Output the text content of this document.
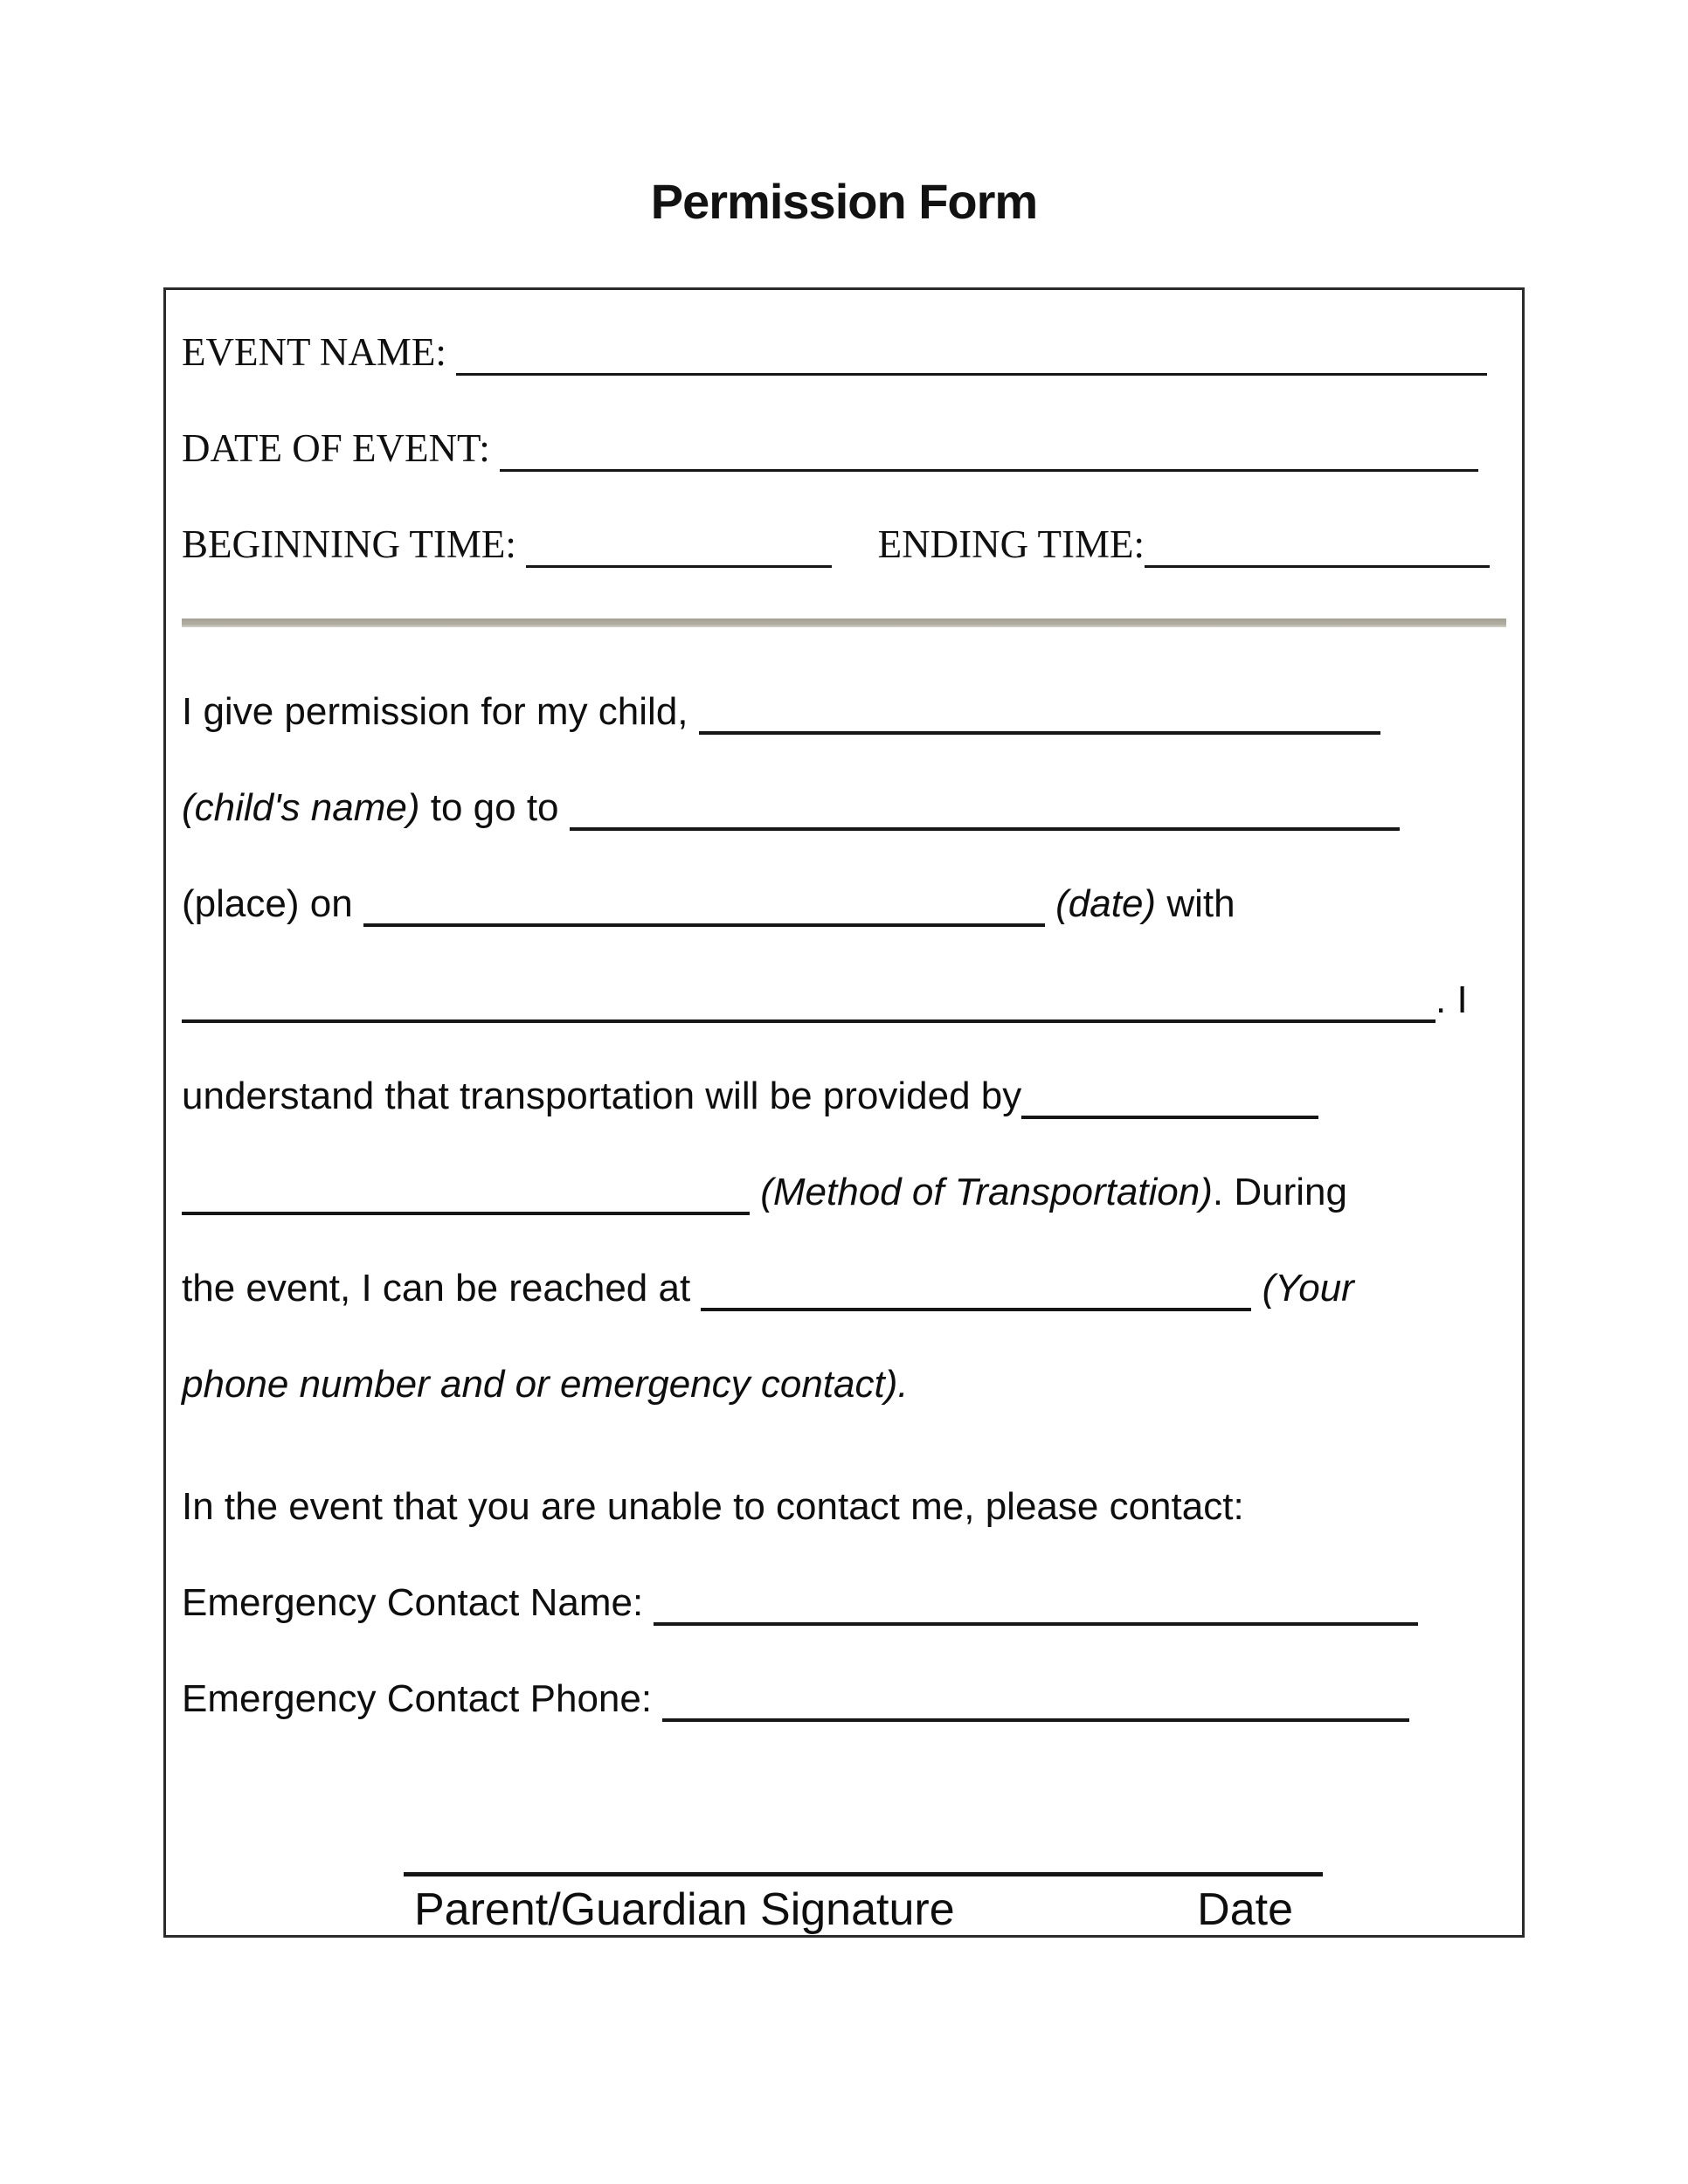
Permission Form
EVENT NAME:
DATE OF EVENT:
BEGINNING TIME:	ENDING TIME:
I give permission for my child,
(child's name) to go to
(place) on	(date) with
. I
understand that transportation will be provided by
(Method of Transportation). During
the event, I can be reached at	(Your
phone number and or emergency contact).
In the event that you are unable to contact me, please contact:
Emergency Contact Name:
Emergency Contact Phone:
Parent/Guardian Signature	Date
